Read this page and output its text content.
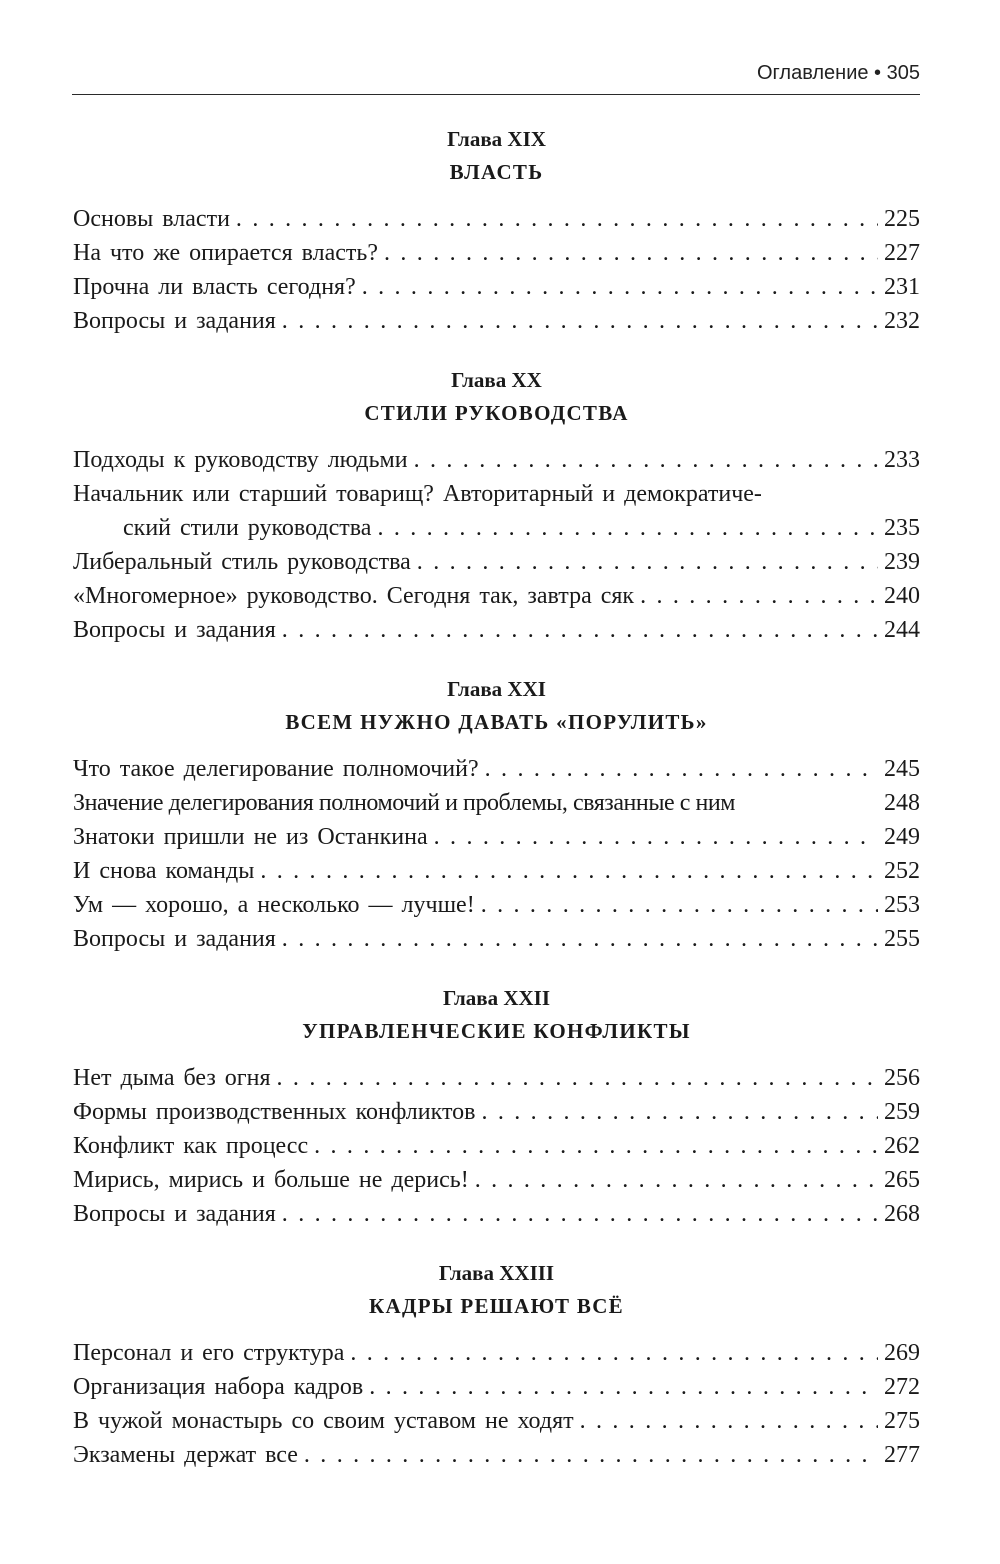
Оглавление • 305
Глава XIX
ВЛАСТЬ
Основы власти . . .	225
На что же опирается власть? . . .	227
Прочна ли власть сегодня? . . .	231
Вопросы и задания . . .	232
Глава XX
СТИЛИ РУКОВОДСТВА
Подходы к руководству людьми . . .	233
Начальник или старший товарищ? Авторитарный и демократиче-
ский стили руководства . . .	235
Либеральный стиль руководства . . .	239
«Многомерное» руководство. Сегодня так, завтра сяк . . .	240
Вопросы и задания . . .	244
Глава XXI
ВСЕМ НУЖНО ДАВАТЬ «ПОРУЛИТЬ»
Что такое делегирование полномочий? . . .	245
Значение делегирования полномочий и проблемы, связанные с ним	248
Знатоки пришли не из Останкина . . .	249
И снова команды . . .	252
Ум — хорошо, а несколько — лучше! . . .	253
Вопросы и задания . . .	255
Глава XXII
УПРАВЛЕНЧЕСКИЕ КОНФЛИКТЫ
Нет дыма без огня . . .	256
Формы производственных конфликтов . . .	259
Конфликт как процесс . . .	262
Мирись, мирись и больше не дерись! . . .	265
Вопросы и задания . . .	268
Глава XXIII
КАДРЫ РЕШАЮТ ВСЁ
Персонал и его структура . . .	269
Организация набора кадров . . .	272
В чужой монастырь со своим уставом не ходят . . .	275
Экзамены держат все . . .	277
